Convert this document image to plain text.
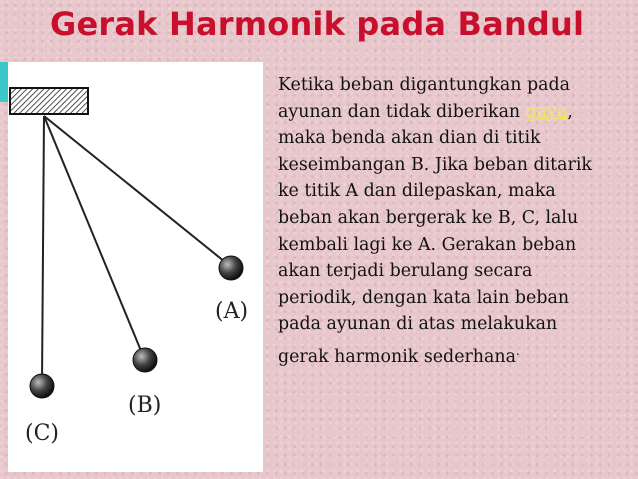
Gerak Harmonik pada Bandul
(A)
(B)
(C)
Ketika beban digantungkan pada ayunan dan tidak diberikan gaya, maka benda akan dian di titik keseimbangan B. Jika beban ditarik ke titik A dan dilepaskan, maka beban akan bergerak ke B, C, lalu kembali lagi ke A. Gerakan beban akan terjadi berulang secara periodik, dengan kata lain beban pada ayunan di atas melakukan gerak harmonik sederhana.
